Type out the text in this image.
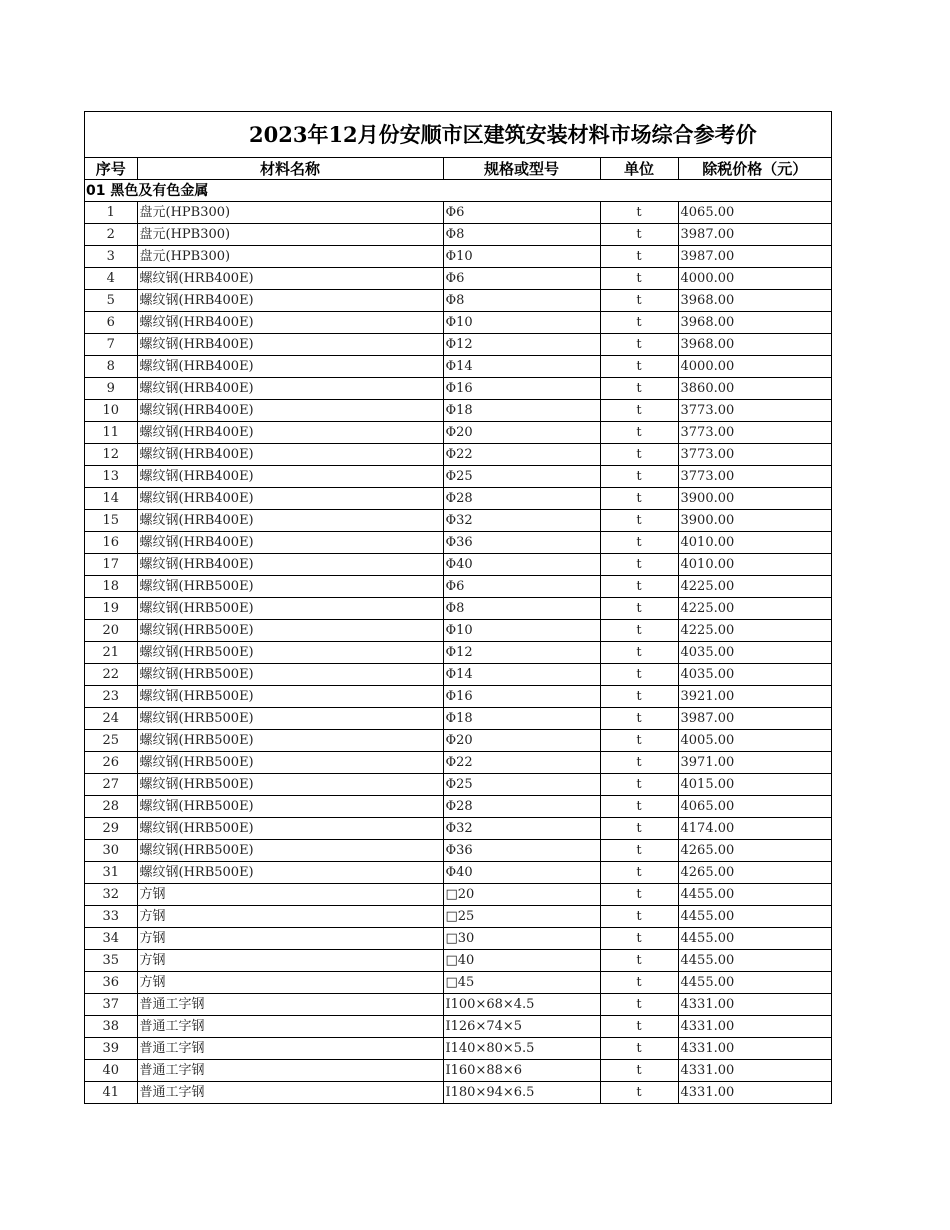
2023年12月份安顺市区建筑安装材料市场综合参考价
序号	材料名称	规格或型号	单位	除税价格（元）
01 黑色及有色金属				
1	盘元(HPB300)	Φ6	t	4065.00
2	盘元(HPB300)	Φ8	t	3987.00
3	盘元(HPB300)	Φ10	t	3987.00
4	螺纹钢(HRB400E)	Φ6	t	4000.00
5	螺纹钢(HRB400E)	Φ8	t	3968.00
6	螺纹钢(HRB400E)	Φ10	t	3968.00
7	螺纹钢(HRB400E)	Φ12	t	3968.00
8	螺纹钢(HRB400E)	Φ14	t	4000.00
9	螺纹钢(HRB400E)	Φ16	t	3860.00
10	螺纹钢(HRB400E)	Φ18	t	3773.00
11	螺纹钢(HRB400E)	Φ20	t	3773.00
12	螺纹钢(HRB400E)	Φ22	t	3773.00
13	螺纹钢(HRB400E)	Φ25	t	3773.00
14	螺纹钢(HRB400E)	Φ28	t	3900.00
15	螺纹钢(HRB400E)	Φ32	t	3900.00
16	螺纹钢(HRB400E)	Φ36	t	4010.00
17	螺纹钢(HRB400E)	Φ40	t	4010.00
18	螺纹钢(HRB500E)	Φ6	t	4225.00
19	螺纹钢(HRB500E)	Φ8	t	4225.00
20	螺纹钢(HRB500E)	Φ10	t	4225.00
21	螺纹钢(HRB500E)	Φ12	t	4035.00
22	螺纹钢(HRB500E)	Φ14	t	4035.00
23	螺纹钢(HRB500E)	Φ16	t	3921.00
24	螺纹钢(HRB500E)	Φ18	t	3987.00
25	螺纹钢(HRB500E)	Φ20	t	4005.00
26	螺纹钢(HRB500E)	Φ22	t	3971.00
27	螺纹钢(HRB500E)	Φ25	t	4015.00
28	螺纹钢(HRB500E)	Φ28	t	4065.00
29	螺纹钢(HRB500E)	Φ32	t	4174.00
30	螺纹钢(HRB500E)	Φ36	t	4265.00
31	螺纹钢(HRB500E)	Φ40	t	4265.00
32	方钢	□20	t	4455.00
33	方钢	□25	t	4455.00
34	方钢	□30	t	4455.00
35	方钢	□40	t	4455.00
36	方钢	□45	t	4455.00
37	普通工字钢	I100×68×4.5	t	4331.00
38	普通工字钢	I126×74×5	t	4331.00
39	普通工字钢	I140×80×5.5	t	4331.00
40	普通工字钢	I160×88×6	t	4331.00
41	普通工字钢	I180×94×6.5	t	4331.00
